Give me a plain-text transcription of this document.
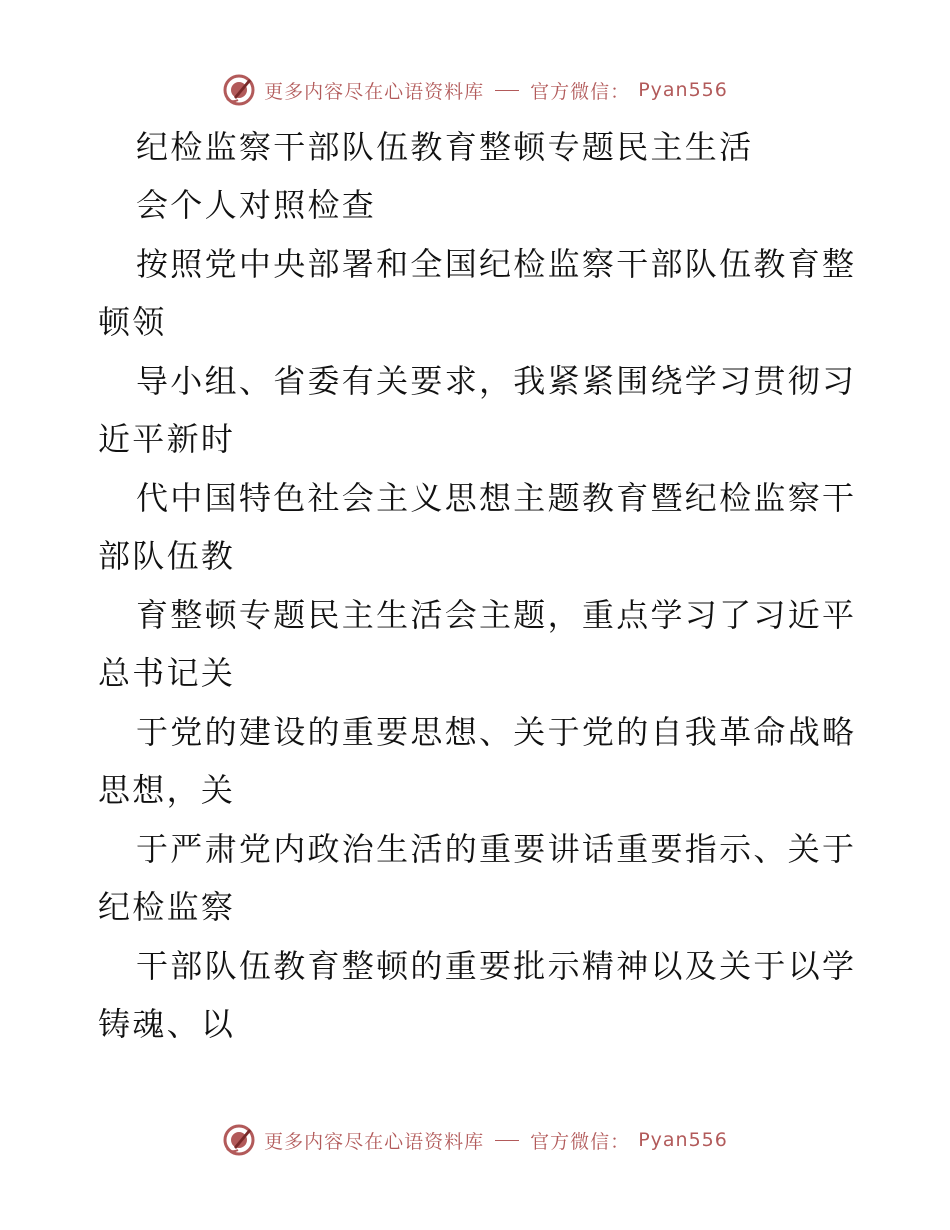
更多内容尽在心语资料库 官方微信： Pyan556
纪检监察干部队伍教育整顿专题民主生活
会个人对照检查
按照党中央部署和全国纪检监察干部队伍教育整
顿领
导小组、省委有关要求，我紧紧围绕学习贯彻习
近平新时
代中国特色社会主义思想主题教育暨纪检监察干
部队伍教
育整顿专题民主生活会主题，重点学习了习近平
总书记关
于党的建设的重要思想、关于党的自我革命战略
思想，关
于严肃党内政治生活的重要讲话重要指示、关于
纪检监察
干部队伍教育整顿的重要批示精神以及关于以学
铸魂、以
更多内容尽在心语资料库 官方微信： Pyan556
